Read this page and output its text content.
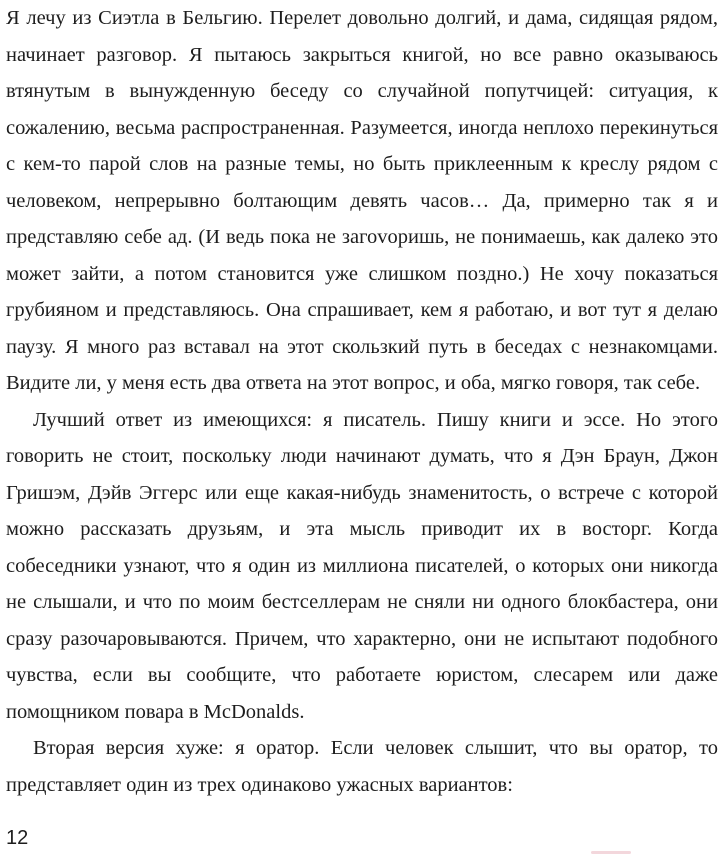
Я лечу из Сиэтла в Бельгию. Перелет довольно долгий, и дама, сидящая рядом, начинает разговор. Я пытаюсь закрыться книгой, но все равно оказываюсь втянутым в вынужденную беседу со случайной попутчицей: ситуация, к сожалению, весьма распространенная. Разумеется, иногда неплохо перекинуться с кем-то парой слов на разные темы, но быть приклеенным к креслу рядом с человеком, непрерывно болтающим девять часов… Да, примерно так я и представляю себе ад. (И ведь пока не загоvоришь, не понимаешь, как далеко это может зайти, а потом становится уже слишком поздно.) Не хочу показаться грубияном и представляюсь. Она спрашивает, кем я работаю, и вот тут я делаю паузу. Я много раз вставал на этот скользкий путь в беседах с незнакомцами. Видите ли, у меня есть два ответа на этот вопрос, и оба, мягко говоря, так себе.

Лучший ответ из имеющихся: я писатель. Пишу книги и эссе. Но этого говорить не стоит, поскольку люди начинают думать, что я Дэн Браун, Джон Гришэм, Дэйв Эггерс или еще какая-нибудь знаменитость, о встрече с которой можно рассказать друзьям, и эта мысль приводит их в восторг. Когда собеседники узнают, что я один из миллиона писателей, о которых они никогда не слышали, и что по моим бестселлерам не сняли ни одного блокбастера, они сразу разочаровываются. Причем, что характерно, они не испытают подобного чувства, если вы сообщите, что работаете юристом, слесарем или даже помощником повара в McDonalds.

Вторая версия хуже: я оратор. Если человек слышит, что вы оратор, то представляет один из трех одинаково ужасных вариантов:

12
